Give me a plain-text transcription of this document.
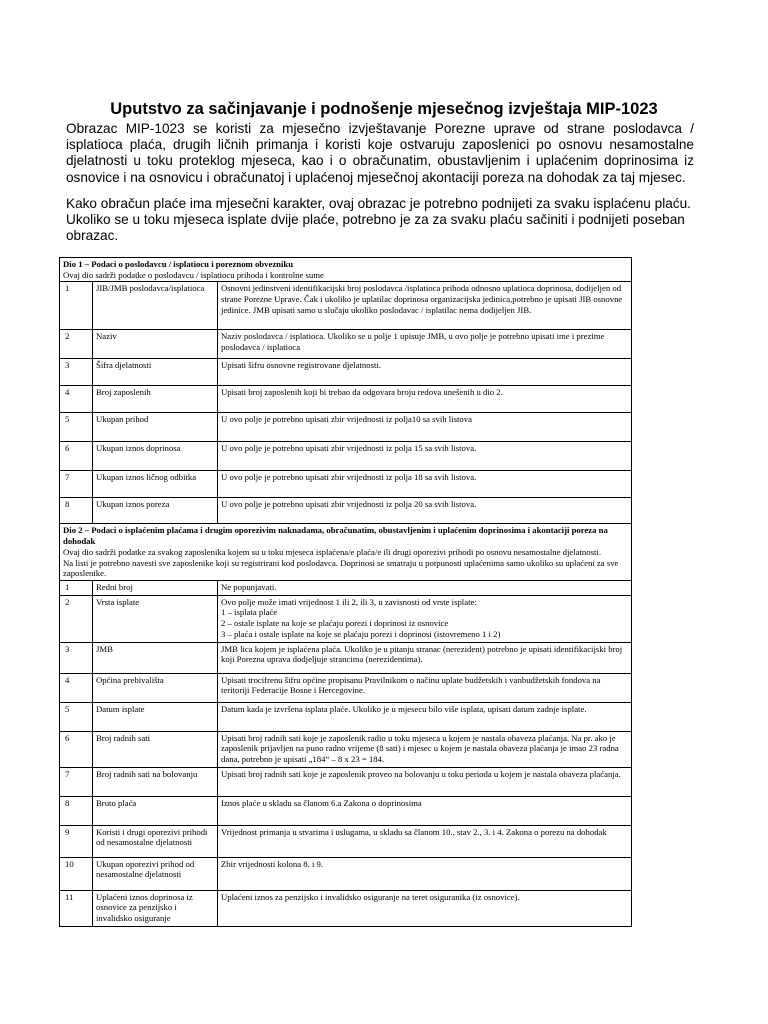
Uputstvo za sačinjavanje i podnošenje mjesečnog izvještaja MIP-1023
Obrazac MIP-1023 se koristi za mjesečno izvještavanje Porezne uprave od strane poslodavca / isplatioca plaća, drugih ličnih primanja i koristi koje ostvaruju zaposlenici po osnovu nesamostalne djelatnosti u toku proteklog mjeseca, kao i o obračunatim, obustavljenim i uplaćenim doprinosima iz osnovice i na osnovicu i obračunatoj i uplaćenoj mjesečnoj akontaciji poreza na dohodak za taj mjesec.
Kako obračun plaće ima mjesečni karakter, ovaj obrazac je potrebno podnijeti za svaku isplaćenu plaću. Ukoliko se u toku mjeseca isplate dvije plaće, potrebno je za za svaku plaću sačiniti i podnijeti poseban obrazac.
Dio 1 – Podaci o poslodavcu / isplatiocu i poreznom obvezniku
Ovaj dio sadrži podatke o poslodavcu / isplatiocu prihoda i kontrolne sume		

1	JIB/JMB poslodavca/isplatioca	Osnovni jedinstveni identifikacijski broj poslodavca /isplatioca prihoda odnosno uplatioca doprinosa, dodijeljen od strane Porezne Uprave. Čak i ukoliko je uplatilac doprinosa organizacijska jedinica,potrebno je upisati JIB osnovne jedinice. JMB upisati samo u slučaju ukoliko poslodavac / isplatilac nema dodijeljen JIB.
2	Naziv	Naziv poslodavca / isplatioca. Ukoliko se u polje 1 upisuje JMB, u ovo polje je potrebno upisati ime i prezime poslodavca / isplatioca
3	Šifra djelatnosti	Upisati šifru osnovne registrovane djelatnosti.
4	Broj zaposlenih	Upisati broj zaposlenih koji bi trebao da odgovara broju redova unešenih u dio 2.
5	Ukupan prihod	U ovo polje je potrebno upisati zbir vrijednosti iz polja10 sa svih listova
6	Ukupan iznos doprinosa	U ovo polje je potrebno upisati zbir vrijednosti iz polja 15 sa svih listova.
7	Ukupan iznos ličnog odbitka	U ovo polje je potrebno upisati zbir vrijednosti iz polja 18 sa svih listova.
8	Ukupan iznos poreza	U ovo polje je potrebno upisati zbir vrijednosti iz polja 20 sa svih listova.

Dio 2 – Podaci o isplaćenim plaćama i drugim oporezivim naknadama, obračunatim, obustavljenim i uplaćenim doprinosima i akontaciji poreza na dohodak
Ovaj dio sadrži podatke za svakog zaposlenika kojem su u toku mjeseca isplaćena/e plaća/e ili drugi oporezivi prihodi po osnovu nesamostalne djelatnosti.
Na listi je potrebno navesti sve zaposlenike koji su registrirani kod poslodavca. Doprinosi se smatraju u potpunosti uplaćenima samo ukoliko su uplaćeni za sve zaposlenike.		

1	Redni broj	Ne popunjavati.
2	Vrsta isplate	Ovo polje može imati vrijednost 1 ili 2, ili 3, u zavisnosti od vrste isplate:
1 – isplata plaće
2 – ostale isplate na koje se plaćaju porezi i doprinosi iz osnovice
3 – plaća i ostale isplate na koje se plaćaju porezi i doprinosi (istovremeno 1 i 2)
3	JMB	JMB lica kojem je isplaćena plaća. Ukoliko je u pitanju stranac (nerezident) potrebno je upisati identifikacijski broj koji Porezna uprava dodjeljuje strancima (nerezidentima).
4	Općina prebivališta	Upisati trocifrenu šifru općine propisanu Pravilnikom o načinu uplate budžetskih i vanbudžetskih fondova na teritoriji Federacije Bosne i Hercegovine.
5	Datum isplate	Datum kada je izvršena isplata plaće. Ukoliko je u mjesecu bilo više isplata, upisati datum zadnje isplate.
6	Broj radnih sati	Upisati broj radnih sati koje je zaposlenik radio u toku mjeseca u kojem je nastala obaveza plaćanja. Na pr. ako je zaposlenik prijavljen na puno radno vrijeme (8 sati) i mjesec u kojem je nastala obaveza plaćanja je imao 23 radna dana, potrebno je upisati „184“ – 8 x 23 = 184.
7	Broj radnih sati na bolovanju	Upisati broj radnih sati koje je zaposlenik proveo na bolovanju u toku perioda u kojem je nastala obaveza plaćanja.
8	Bruto plaća	Iznos plaće u skladu sa članom 6.a Zakona o doprinosima
9	Koristi i drugi oporezivi prihodi od nesamostalne djelatnosti	Vrijednost primanja u stvarima i uslugama, u skladu sa članom 10., stav 2., 3. i 4. Zakona o porezu na dohodak
10	Ukupan oporezivi prihod od nesamostalne djelatnosti	Zbir vrijednosti kolona 8. i 9.
11	Uplaćeni iznos doprinosa iz osnovice za penzijsko i invalidsko osiguranje	Uplaćeni iznos za penzijsko i invalidsko osiguranje na teret osiguranika (iz osnovice).
